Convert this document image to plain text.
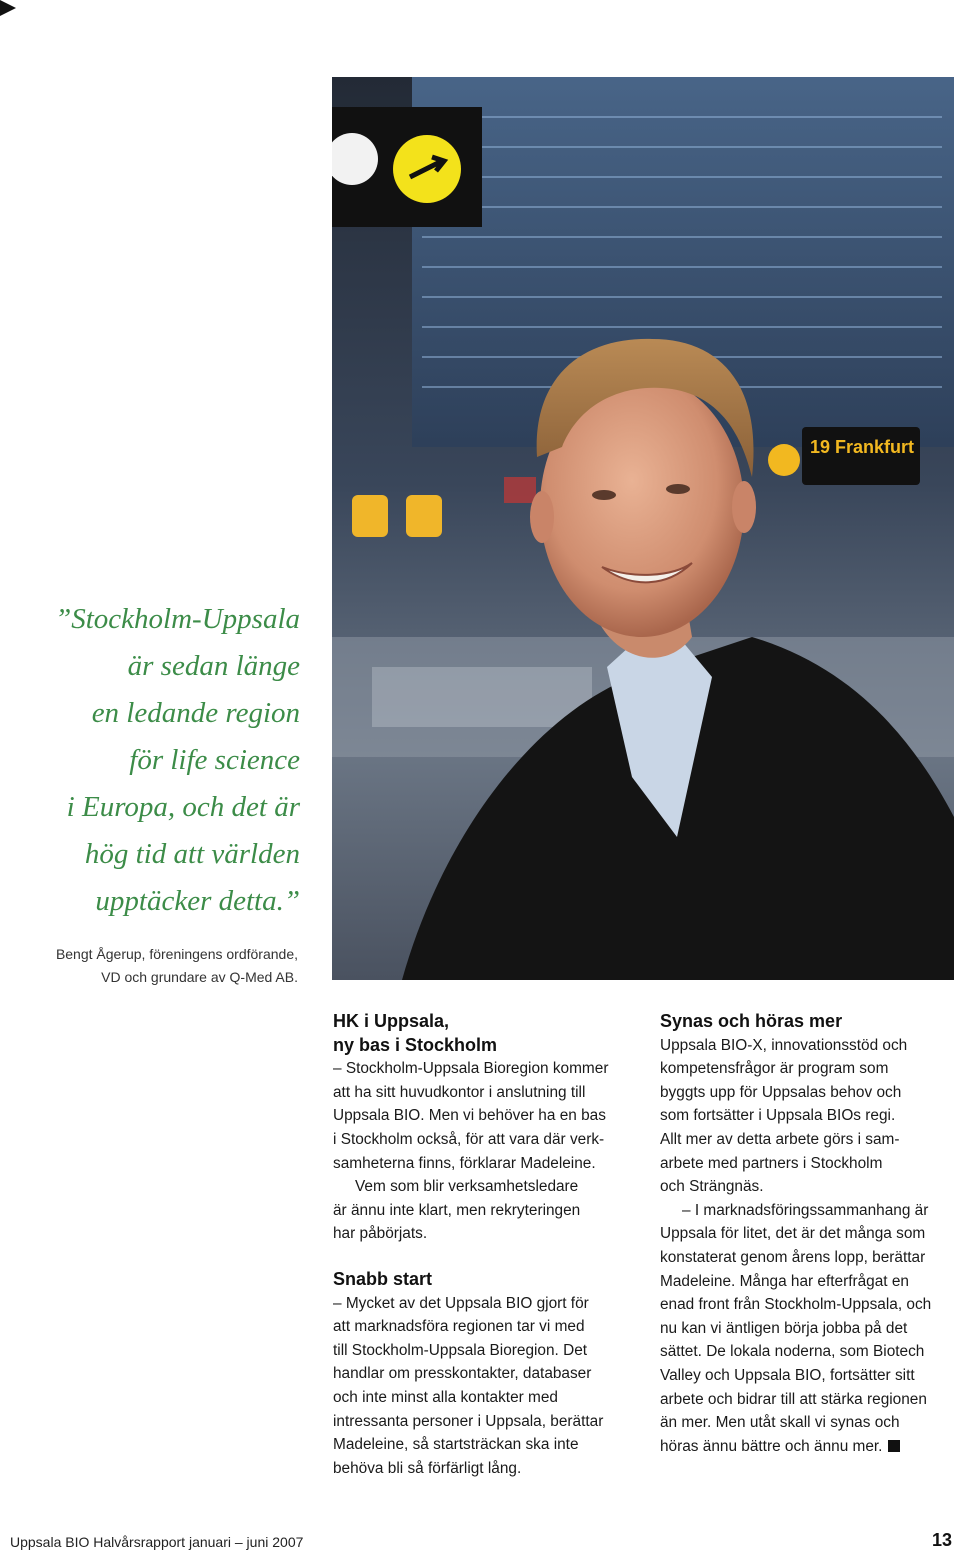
19 Frankfurt
”Stockholm-Uppsala
är sedan länge
en ledande region
för life science
i Europa, och det är
hög tid att världen
upptäcker detta.”
Bengt Ågerup, föreningens ordförande,
VD och grundare av Q-Med AB.
HK i Uppsala,
ny bas i Stockholm
– Stockholm-Uppsala Bioregion kommer
att ha sitt huvudkontor i anslutning till
Uppsala BIO. Men vi behöver ha en bas
i Stockholm också, för att vara där verk-
samheterna finns, förklarar Madeleine.
Vem som blir verksamhetsledare
är ännu inte klart, men rekryteringen
har påbörjats.
Snabb start
– Mycket av det Uppsala BIO gjort för
att marknadsföra regionen tar vi med
till Stockholm-Uppsala Bioregion. Det
handlar om presskontakter, databaser
och inte minst alla kontakter med
intressanta personer i Uppsala, berättar
Madeleine, så startsträckan ska inte
behöva bli så förfärligt lång.
Synas och höras mer
Uppsala BIO-X, innovationsstöd och
kompetensfrågor är program som
byggts upp för Uppsalas behov och
som fortsätter i Uppsala BIOs regi.
Allt mer av detta arbete görs i sam-
arbete med partners i Stockholm
och Strängnäs.
– I marknadsföringssammanhang är
Uppsala för litet, det är det många som
konstaterat genom årens lopp, berättar
Madeleine. Många har efterfrågat en
enad front från Stockholm-Uppsala, och
nu kan vi äntligen börja jobba på det
sättet. De lokala noderna, som Biotech
Valley och Uppsala BIO, fortsätter sitt
arbete och bidrar till att stärka regionen
än mer. Men utåt skall vi synas och
höras ännu bättre och ännu mer.
Uppsala BIO Halvårsrapport januari – juni 2007	13
